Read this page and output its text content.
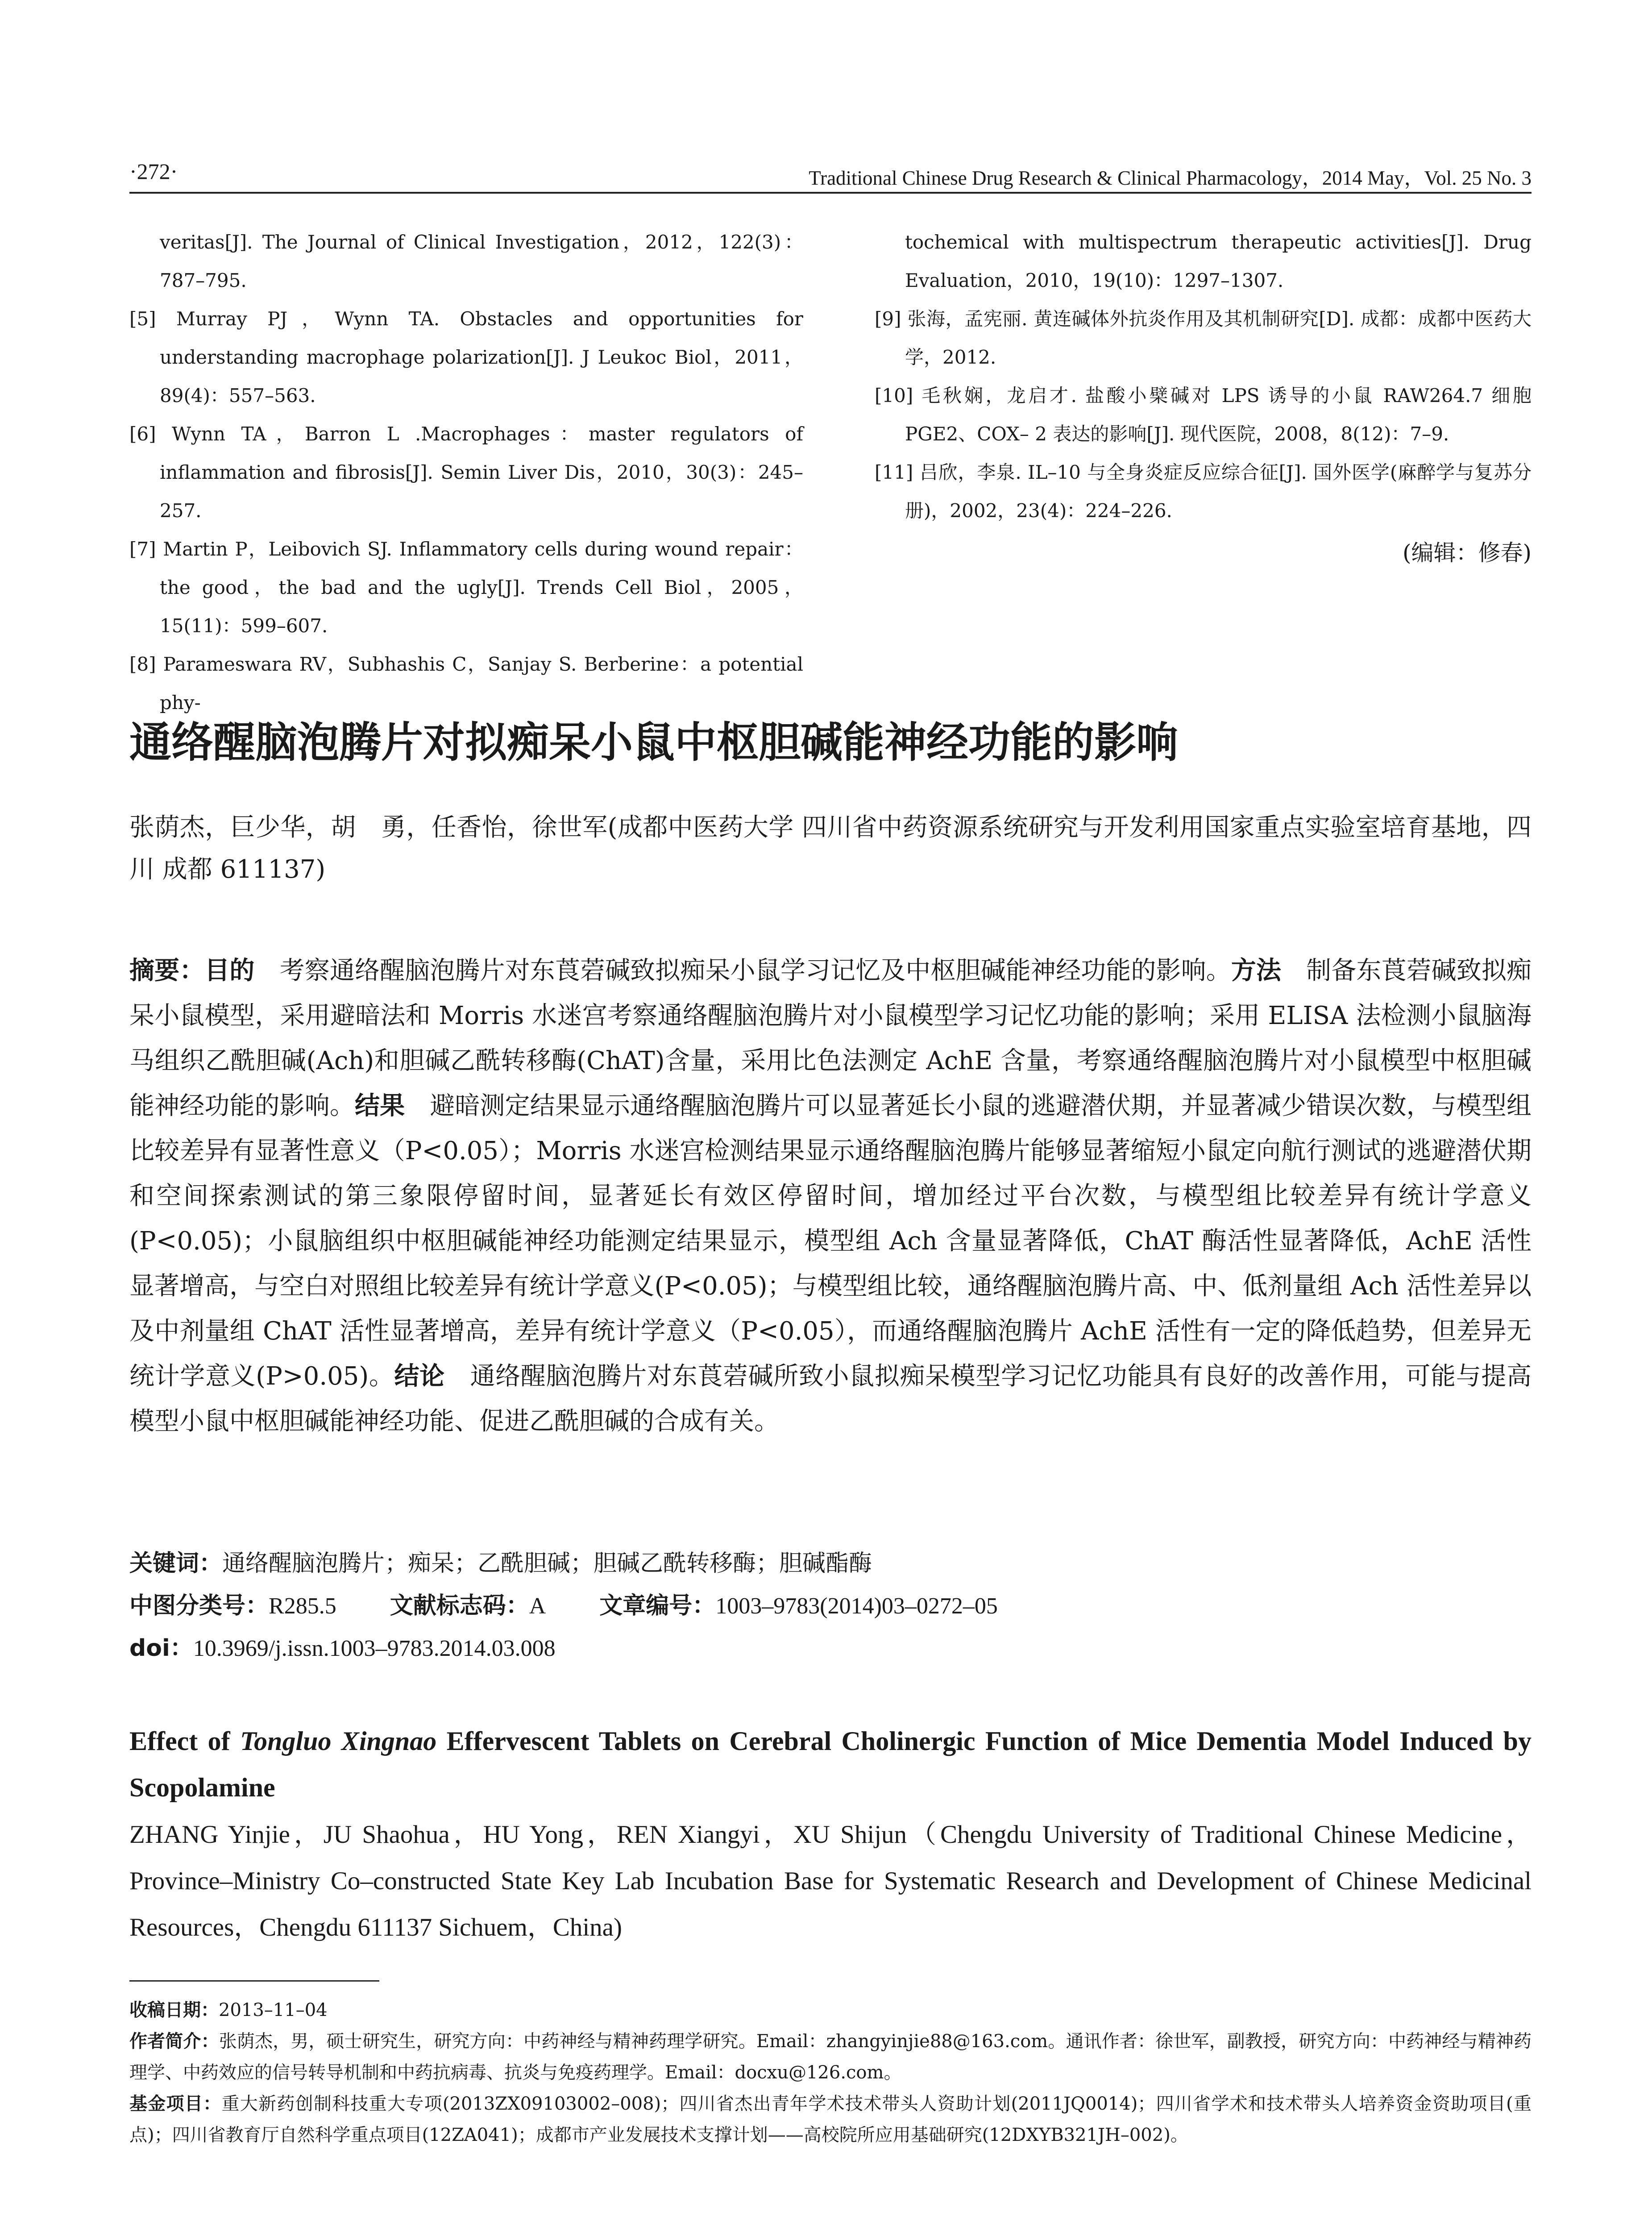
·272·	Traditional Chinese Drug Research & Clinical Pharmacology，2014 May，Vol. 25 No. 3

veritas[J]. The Journal of Clinical Investigation，2012，122(3)：787–795.

[5] Murray PJ，Wynn TA. Obstacles and opportunities for understanding macrophage polarization[J]. J Leukoc Biol，2011，89(4)：557–563.

[6] Wynn TA，Barron L .Macrophages：master regulators of inflammation and fibrosis[J]. Semin Liver Dis，2010，30(3)：245–257.

[7] Martin P，Leibovich SJ. Inflammatory cells during wound repair：the good，the bad and the ugly[J]. Trends Cell Biol，2005，15(11)：599–607.

[8] Parameswara RV，Subhashis C，Sanjay S. Berberine：a potential phy-

tochemical with multispectrum therapeutic activities[J]. Drug Evaluation，2010，19(10)：1297–1307.

[9] 张海，孟宪丽. 黄连碱体外抗炎作用及其机制研究[D]. 成都：成都中医药大学，2012.

[10] 毛秋娴，龙启才. 盐酸小檗碱对 LPS 诱导的小鼠 RAW264.7 细胞 PGE2、COX– 2 表达的影响[J]. 现代医院，2008，8(12)：7–9.

[11] 吕欣，李泉. IL–10 与全身炎症反应综合征[J]. 国外医学(麻醉学与复苏分册)，2002，23(4)：224–226.

(编辑：修春)
通络醒脑泡腾片对拟痴呆小鼠中枢胆碱能神经功能的影响
张荫杰，巨少华，胡　勇，任香怡，徐世军(成都中医药大学 四川省中药资源系统研究与开发利用国家重点实验室培育基地，四川 成都 611137)
摘要：目的　 考察通络醒脑泡腾片对东莨菪碱致拟痴呆小鼠学习记忆及中枢胆碱能神经功能的影响。方法　 制备东莨菪碱致拟痴呆小鼠模型，采用避暗法和 Morris 水迷宫考察通络醒脑泡腾片对小鼠模型学习记忆功能的影响；采用 ELISA 法检测小鼠脑海马组织乙酰胆碱(Ach)和胆碱乙酰转移酶(ChAT)含量，采用比色法测定 AchE 含量，考察通络醒脑泡腾片对小鼠模型中枢胆碱能神经功能的影响。结果　 避暗测定结果显示通络醒脑泡腾片可以显著延长小鼠的逃避潜伏期，并显著减少错误次数，与模型组比较差异有显著性意义（P<0.05）；Morris 水迷宫检测结果显示通络醒脑泡腾片能够显著缩短小鼠定向航行测试的逃避潜伏期和空间探索测试的第三象限停留时间，显著延长有效区停留时间，增加经过平台次数，与模型组比较差异有统计学意义(P<0.05)；小鼠脑组织中枢胆碱能神经功能测定结果显示，模型组 Ach 含量显著降低，ChAT 酶活性显著降低，AchE 活性显著增高，与空白对照组比较差异有统计学意义(P<0.05)；与模型组比较，通络醒脑泡腾片高、中、低剂量组 Ach 活性差异以及中剂量组 ChAT 活性显著增高，差异有统计学意义（P<0.05），而通络醒脑泡腾片 AchE 活性有一定的降低趋势，但差异无统计学意义(P>0.05)。结论　 通络醒脑泡腾片对东莨菪碱所致小鼠拟痴呆模型学习记忆功能具有良好的改善作用，可能与提高模型小鼠中枢胆碱能神经功能、促进乙酰胆碱的合成有关。
关键词：通络醒脑泡腾片；痴呆；乙酰胆碱；胆碱乙酰转移酶；胆碱酯酶
中图分类号：R285.5 文献标志码：A 文章编号：1003–9783(2014)03–0272–05
doi：10.3969/j.issn.1003–9783.2014.03.008
Effect of Tongluo Xingnao Effervescent Tablets on Cerebral Cholinergic Function of Mice Dementia Model Induced by Scopolamine
ZHANG Yinjie，JU Shaohua，HU Yong，REN Xiangyi，XU Shijun（Chengdu University of Traditional Chinese Medicine，Province–Ministry Co–constructed State Key Lab Incubation Base for Systematic Research and Development of Chinese Medicinal Resources，Chengdu 611137 Sichuem，China)

收稿日期：2013–11–04

作者简介：张荫杰，男，硕士研究生，研究方向：中药神经与精神药理学研究。Email：zhangyinjie88@163.com。通讯作者：徐世军，副教授，研究方向：中药神经与精神药理学、中药效应的信号转导机制和中药抗病毒、抗炎与免疫药理学。Email：docxu@126.com。

基金项目：重大新药创制科技重大专项(2013ZX09103002–008)；四川省杰出青年学术技术带头人资助计划(2011JQ0014)；四川省学术和技术带头人培养资金资助项目(重点)；四川省教育厅自然科学重点项目(12ZA041)；成都市产业发展技术支撑计划——高校院所应用基础研究(12DXYB321JH–002)。
